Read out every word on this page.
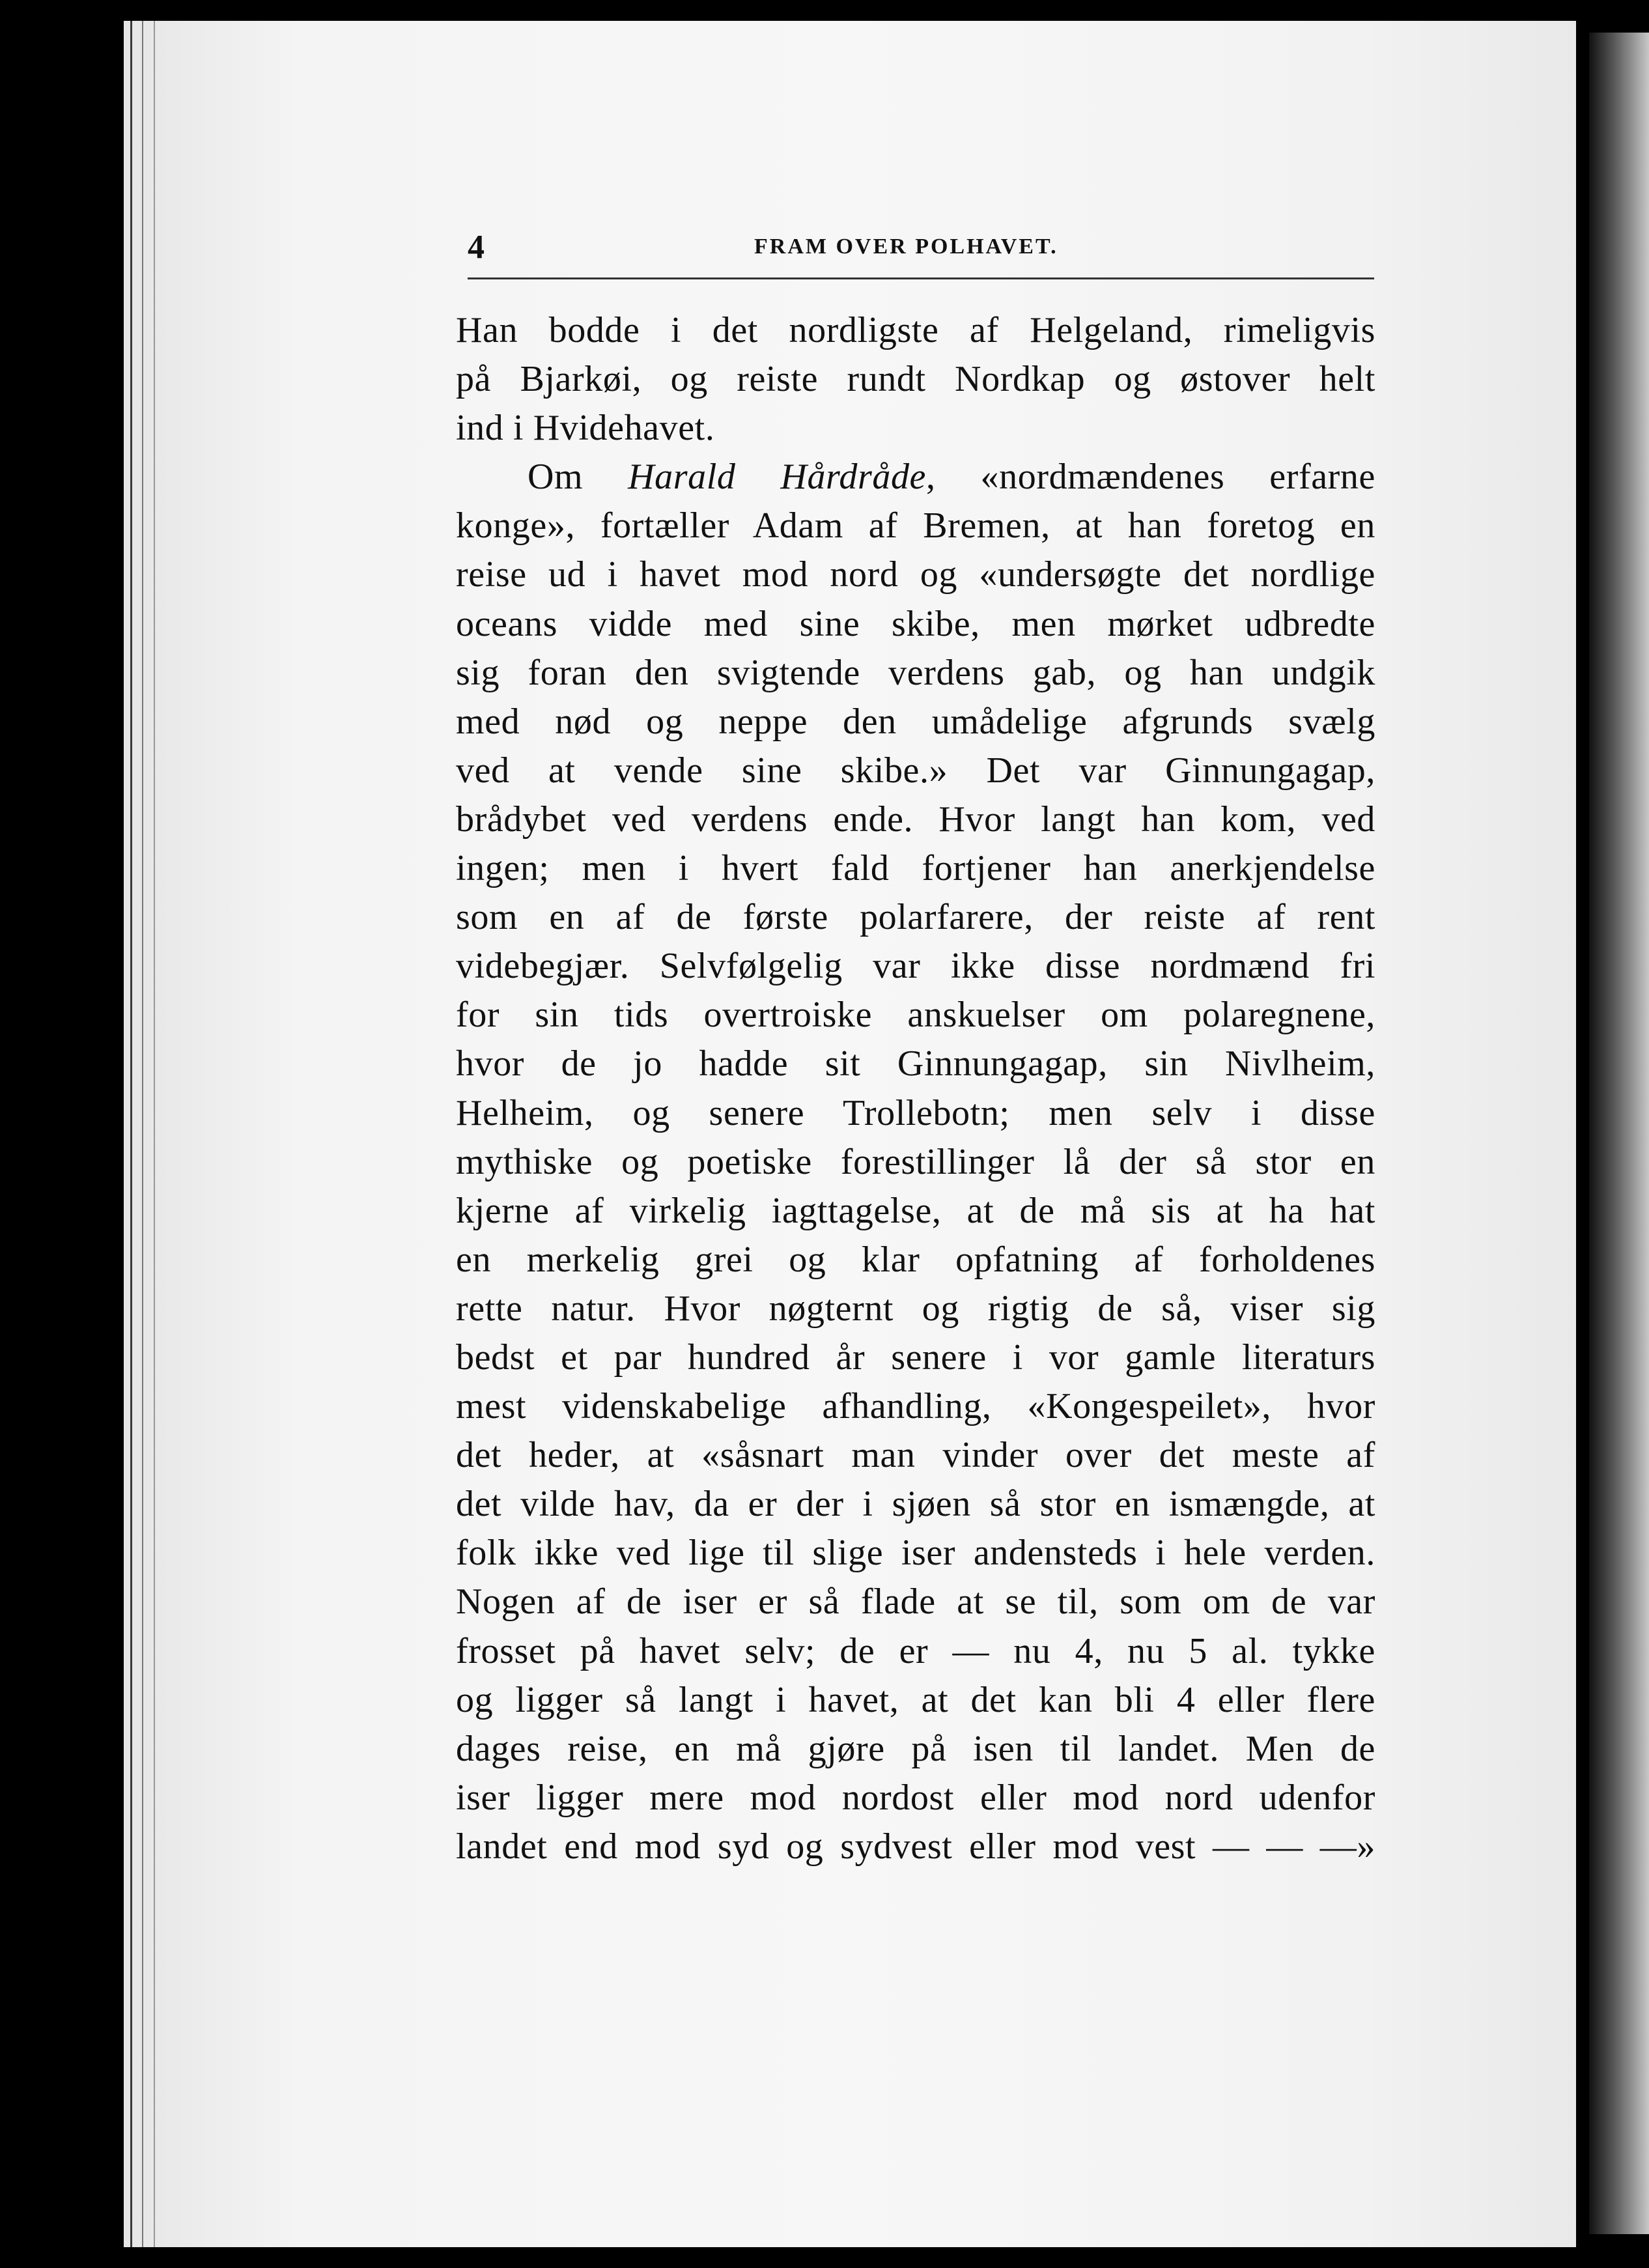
4	FRAM OVER POLHAVET.
Han bodde i det nordligste af Helgeland, rimeligvis
på Bjarkøi, og reiste rundt Nordkap og østover helt
ind i Hvidehavet.
Om Harald Hårdråde, «nordmændenes erfarne
konge», fortæller Adam af Bremen, at han foretog en
reise ud i havet mod nord og «undersøgte det nordlige
oceans vidde med sine skibe, men mørket udbredte
sig foran den svigtende verdens gab, og han undgik
med nød og neppe den umådelige afgrunds svælg
ved at vende sine skibe.» Det var Ginnungagap,
brådybet ved verdens ende. Hvor langt han kom, ved
ingen; men i hvert fald fortjener han anerkjendelse
som en af de første polarfarere, der reiste af rent
videbegjær. Selvfølgelig var ikke disse nordmænd fri
for sin tids overtroiske anskuelser om polaregnene,
hvor de jo hadde sit Ginnungagap, sin Nivlheim,
Helheim, og senere Trollebotn; men selv i disse
mythiske og poetiske forestillinger lå der så stor en
kjerne af virkelig iagttagelse, at de må sis at ha hat
en merkelig grei og klar opfatning af forholdenes
rette natur. Hvor nøgternt og rigtig de så, viser sig
bedst et par hundred år senere i vor gamle literaturs
mest videnskabelige afhandling, «Kongespeilet», hvor
det heder, at «såsnart man vinder over det meste af
det vilde hav, da er der i sjøen så stor en ismængde, at
folk ikke ved lige til slige iser andensteds i hele verden.
Nogen af de iser er så flade at se til, som om de var
frosset på havet selv; de er — nu 4, nu 5 al. tykke
og ligger så langt i havet, at det kan bli 4 eller flere
dages reise, en må gjøre på isen til landet. Men de
iser ligger mere mod nordost eller mod nord udenfor
landet end mod syd og sydvest eller mod vest — — —»
